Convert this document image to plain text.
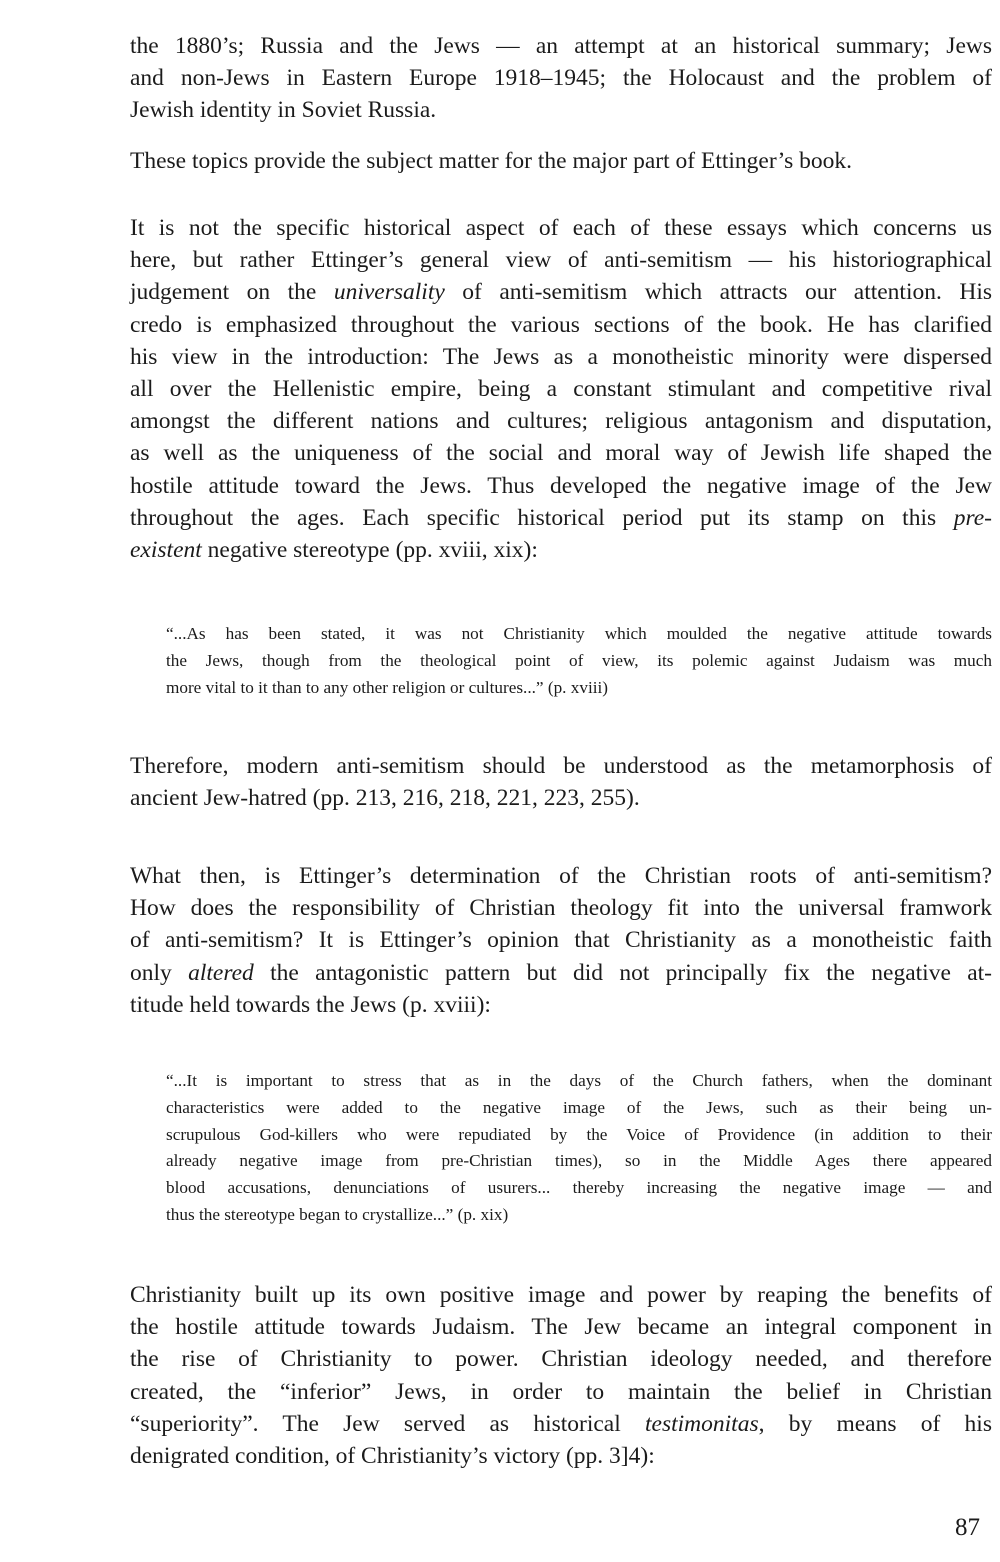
the 1880’s; Russia and the Jews — an attempt at an historical summary; Jews
and non-Jews in Eastern Europe 1918–1945; the Holocaust and the problem of
Jewish identity in Soviet Russia.
These topics provide the subject matter for the major part of Ettinger’s book.
It is not the specific historical aspect of each of these essays which concerns us
here, but rather Ettinger’s general view of anti-semitism — his historiographical
judgement on the universality of anti-semitism which attracts our attention. His
credo is emphasized throughout the various sections of the book. He has clarified
his view in the introduction: The Jews as a monotheistic minority were dispersed
all over the Hellenistic empire, being a constant stimulant and competitive rival
amongst the different nations and cultures; religious antagonism and disputation,
as well as the uniqueness of the social and moral way of Jewish life shaped the
hostile attitude toward the Jews. Thus developed the negative image of the Jew
throughout the ages. Each specific historical period put its stamp on this pre-
existent negative stereotype (pp. xviii, xix):
“...As has been stated, it was not Christianity which moulded the negative attitude towards
the Jews, though from the theological point of view, its polemic against Judaism was much
more vital to it than to any other religion or cultures...” (p. xviii)
Therefore, modern anti-semitism should be understood as the metamorphosis of
ancient Jew-hatred (pp. 213, 216, 218, 221, 223, 255).
What then, is Ettinger’s determination of the Christian roots of anti-semitism?
How does the responsibility of Christian theology fit into the universal framwork
of anti-semitism? It is Ettinger’s opinion that Christianity as a monotheistic faith
only altered the antagonistic pattern but did not principally fix the negative at-
titude held towards the Jews (p. xviii):
“...It is important to stress that as in the days of the Church fathers, when the dominant
characteristics were added to the negative image of the Jews, such as their being un-
scrupulous God-killers who were repudiated by the Voice of Providence (in addition to their
already negative image from pre-Christian times), so in the Middle Ages there appeared
blood accusations, denunciations of usurers... thereby increasing the negative image — and
thus the stereotype began to crystallize...” (p. xix)
Christianity built up its own positive image and power by reaping the benefits of
the hostile attitude towards Judaism. The Jew became an integral component in
the rise of Christianity to power. Christian ideology needed, and therefore
created, the “inferior” Jews, in order to maintain the belief in Christian
“superiority”. The Jew served as historical testimonitas, by means of his
denigrated condition, of Christianity’s victory (pp. 3]4):
87
